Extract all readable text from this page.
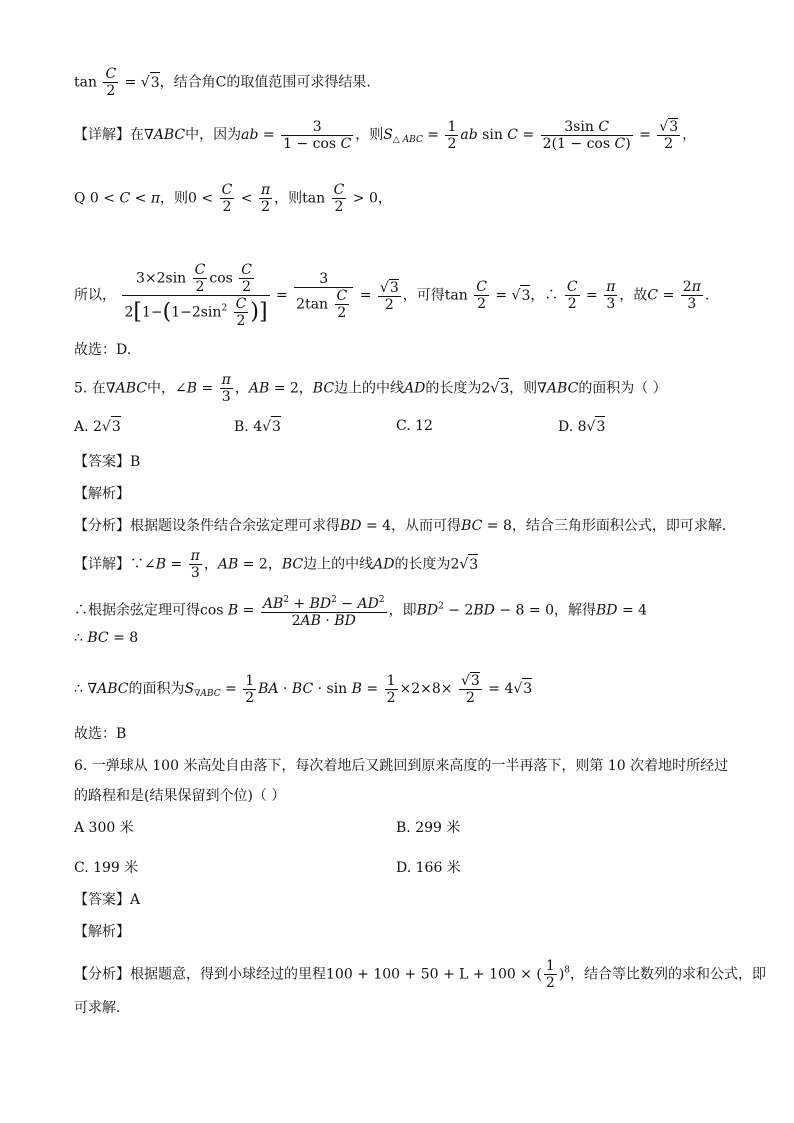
$\tan \frac{C}{2} = √3$，结合角C的取值范围可求得结果.
【详解】在∇ABC中，因为ab = $\frac{3}{\text{1 − cos C}}$ ，则$S_{\triangle ABC} = \frac{1}{2}$ ab $\sin C = \frac{\text{3sin C}}{\text{2(1 − cos C)}} = \frac{√3}{2}$ ，
Q 0 < C < π，则$0 < \frac{C}{2} < \frac{\pi}{2}$ ，则$\tan \frac{C}{2} > 0$，
所以， $\frac{3\times 2\sin \frac{C}{2} \cos \frac{C}{2}}{2[1-(1-2\sin^2 \frac{C}{2} )]} = \frac{3}{2\tan \frac{C}{2}} = \frac{√3}{2}$ ，可得$\tan \frac{C}{2} = √3$，∴ $\frac{C}{2} = \frac{\pi}{3}$ ，故$C = \frac{2\pi}{3}$ .
故选：D.
5. 在∇ABC中，∠B = $\frac{\pi}{3}$ ，AB = 2，BC边上的中线AD的长度为2√3，则∇ABC的面积为（ ）
A. 2√3	B. 4√3	C. 12	D. 8√3
【答案】B
【解析】
【分析】根据题设条件结合余弦定理可求得BD = 4，从而可得BC = 8，结合三角形面积公式，即可求解.
【详解】∵∠B = $\frac{\pi}{3}$ ，AB = 2，BC边上的中线AD的长度为2√3
∴根据余弦定理可得$\cos B = \frac{AB^2 + BD^2 - AD^2}{2AB \cdot BD}$ ，即$BD^2 - 2BD - 8 = 0$，解得BD = 4
∴ BC = 8
∴ ∇ABC的面积为$S_{\nabla ABC} = \frac{1}{2}$ BA · BC · $\sin B = \frac{1}{2} \times 2\times 8\times \frac{√3}{2} = 4√3$
故选：B
6. 一弹球从 100 米高处自由落下，每次着地后又跳回到原来高度的一半再落下，则第 10 次着地时所经过
的路程和是(结果保留到个位)（ ）
A 300 米	B. 299 米
C. 199 米	D. 166 米
【答案】A
【解析】
【分析】根据题意，得到小球经过的里程100 + 100 + 50 + L + 100 × ( $\frac{1}{2} )^8$，结合等比数列的求和公式，即
可求解.
